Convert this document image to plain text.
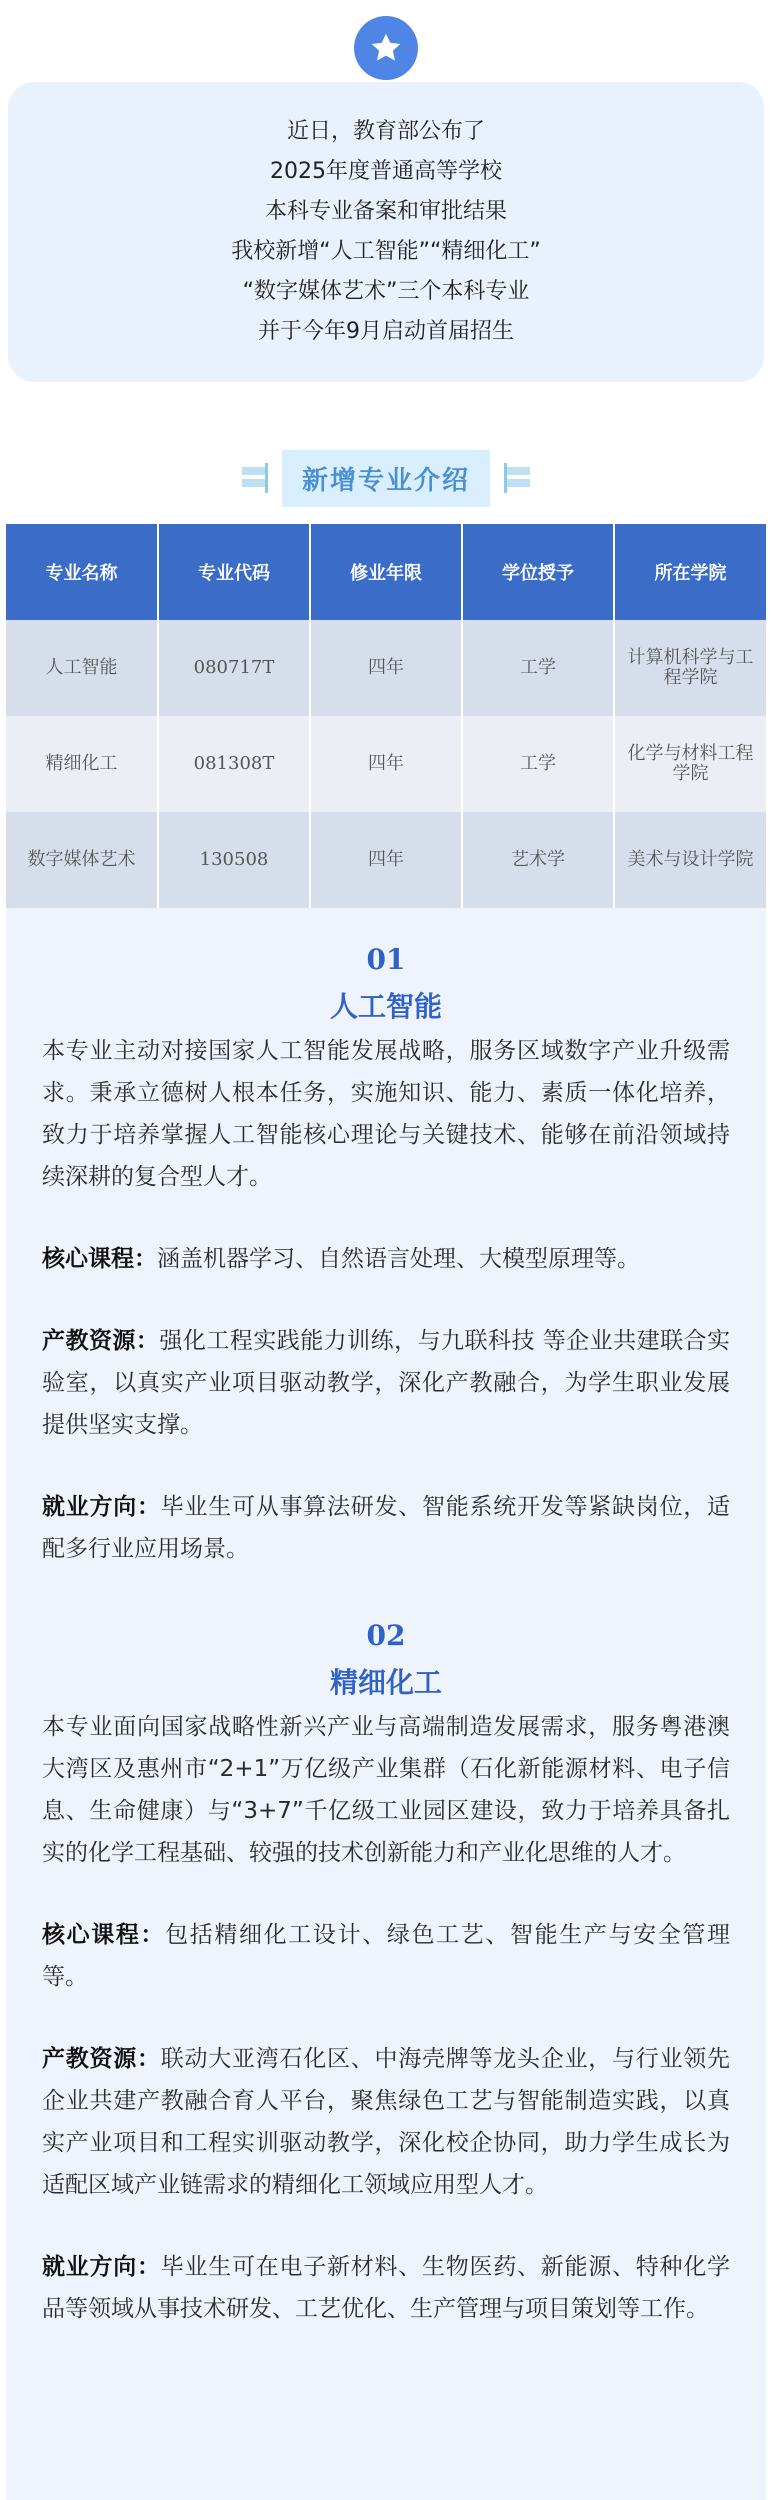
近日，教育部公布了
2025年度普通高等学校
本科专业备案和审批结果
我校新增“人工智能”“精细化工”
“数字媒体艺术”三个本科专业
并于今年9月启动首届招生
新增专业介绍
专业名称	专业代码	修业年限	学位授予	所在学院
人工智能	080717T	四年	工学	计算机科学与工程学院
精细化工	081308T	四年	工学	化学与材料工程学院
数字媒体艺术	130508	四年	艺术学	美术与设计学院
01
人工智能

本专业主动对接国家人工智能发展战略，服务区域数字产业升级需求。秉承立德树人根本任务，实施知识、能力、素质一体化培养，致力于培养掌握人工智能核心理论与关键技术、能够在前沿领域持续深耕的复合型人才。

核心课程：涵盖机器学习、自然语言处理、大模型原理等。

产教资源：强化工程实践能力训练，与九联科技 等企业共建联合实验室，以真实产业项目驱动教学，深化产教融合，为学生职业发展提供坚实支撑。

就业方向：毕业生可从事算法研发、智能系统开发等紧缺岗位，适配多行业应用场景。

02
精细化工

本专业面向国家战略性新兴产业与高端制造发展需求，服务粤港澳大湾区及惠州市“2+1”万亿级产业集群（石化新能源材料、电子信息、生命健康）与“3+7”千亿级工业园区建设，致力于培养具备扎实的化学工程基础、较强的技术创新能力和产业化思维的人才。

核心课程：包括精细化工设计、绿色工艺、智能生产与安全管理等。

产教资源：联动大亚湾石化区、中海壳牌等龙头企业，与行业领先企业共建产教融合育人平台，聚焦绿色工艺与智能制造实践，以真实产业项目和工程实训驱动教学，深化校企协同，助力学生成长为适配区域产业链需求的精细化工领域应用型人才。

就业方向：毕业生可在电子新材料、生物医药、新能源、特种化学品等领域从事技术研发、工艺优化、生产管理与项目策划等工作。
